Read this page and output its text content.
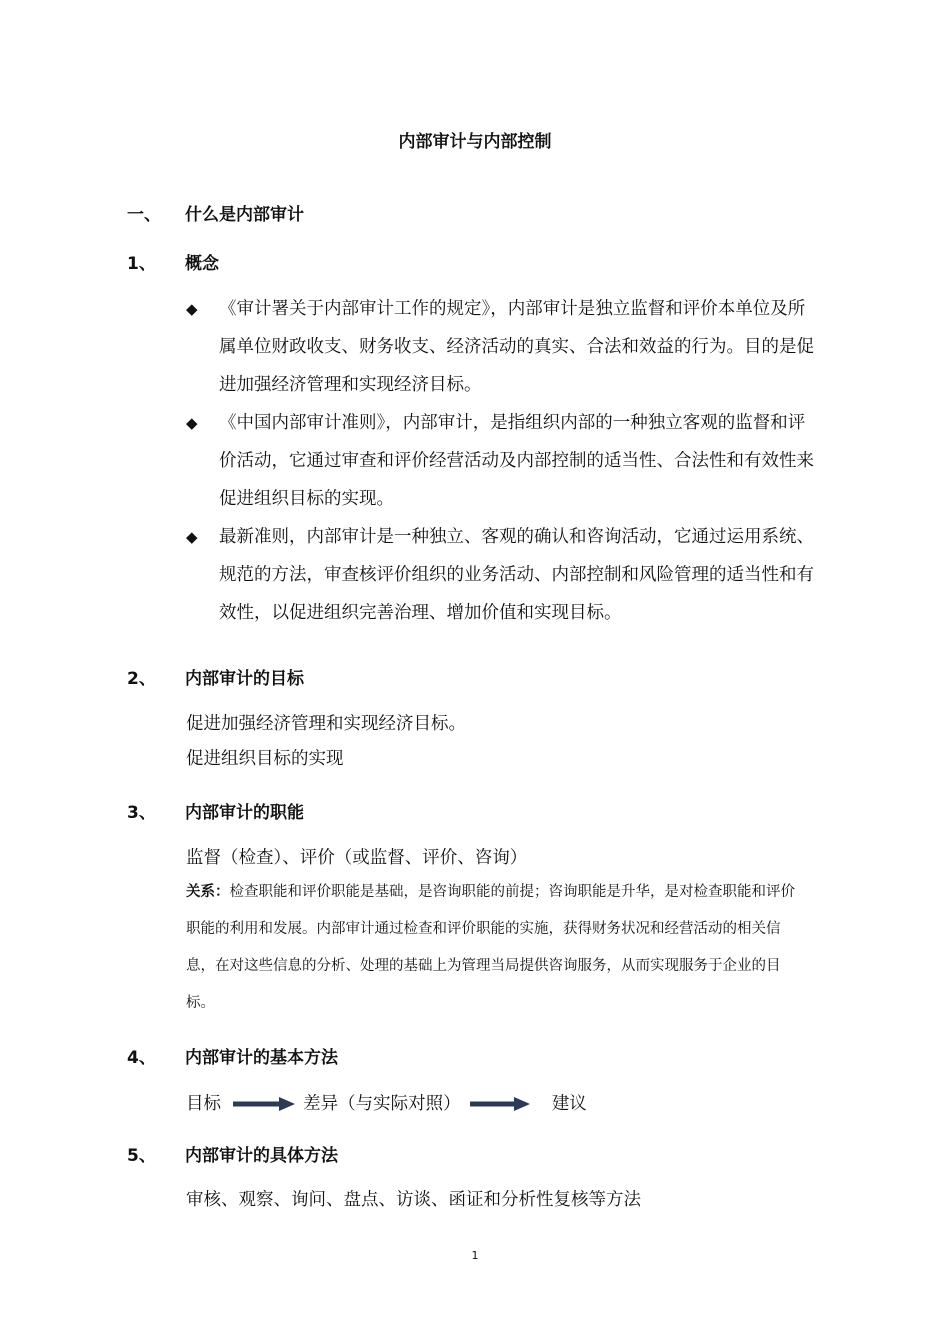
内部审计与内部控制
一、 什么是内部审计
1、 概念
◆ 《审计署关于内部审计工作的规定》，内部审计是独立监督和评价本单位及所属单位财政收支、财务收支、经济活动的真实、合法和效益的行为。目的是促进加强经济管理和实现经济目标。
◆ 《中国内部审计准则》，内部审计，是指组织内部的一种独立客观的监督和评价活动，它通过审查和评价经营活动及内部控制的适当性、合法性和有效性来促进组织目标的实现。
◆ 最新准则，内部审计是一种独立、客观的确认和咨询活动，它通过运用系统、规范的方法，审查核评价组织的业务活动、内部控制和风险管理的适当性和有效性，以促进组织完善治理、增加价值和实现目标。
2、 内部审计的目标
促进加强经济管理和实现经济目标。
促进组织目标的实现
3、 内部审计的职能
监督（检查）、评价（或监督、评价、咨询）
关系：检查职能和评价职能是基础，是咨询职能的前提；咨询职能是升华，是对检查职能和评价职能的利用和发展。内部审计通过检查和评价职能的实施，获得财务状况和经营活动的相关信息，在对这些信息的分析、处理的基础上为管理当局提供咨询服务，从而实现服务于企业的目标。
4、 内部审计的基本方法
目标	差异（与实际对照）	建议
5、 内部审计的具体方法
审核、观察、询问、盘点、访谈、函证和分析性复核等方法
1
